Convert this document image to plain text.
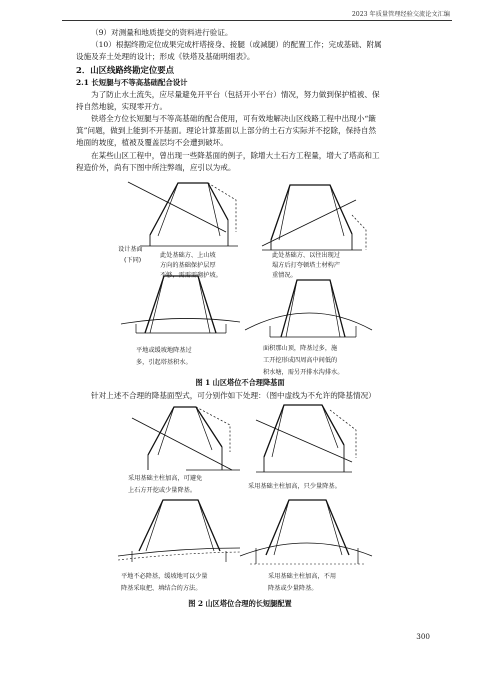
2023 年质量管理经验交流论文汇编
（9）对测量和地质提交的资料进行验证。
（10）根据终勘定位成果完成杆塔接身、接腿（或减腿）的配置工作；完成基础、附属
设施及弃土处理的设计；形成《铁塔及基础明细表》。
2．山区线路终勘定位要点
2.1 长短腿与不等高基础配合设计
为了防止水土流失，应尽量避免开平台（包括开小平台）情况，努力做到保护植被、保
持自然地貌，实现零开方。
铁塔全方位长短腿与不等高基础的配合使用，可有效地解决山区线路工程中出现小“簸
箕”问题，做到上能到不开基面。理论计算基面以上部分的土石方实际并不挖除，保持自然
地面的坡度，植被及覆盖层均不会遭到破坏。
在某些山区工程中，曾出现一些降基面的例子，除增大土石方工程量，增大了塔高和工
程造价外，尚有下图中所注弊端，应引以为戒。
设计基面
(下同)
此处基础方、上山坡
方向的基础保护层厚
不够，需需需砌护坡。
此处基础方、以往出现过
塌方后打夸顿塔土材构产
重情况。
平地或缓坡地降基过
多，引起塔基积水。
面积那山顶，降基过多，施
工开挖形成四周高中间低的
积水塘，需另开排水沟排水。
采用基础主柱加高，可避免
上石方开挖或少量降基。
采用基础主柱加高，只少量降基。
平地不必降基，缓坡地可以少量
降基采取把、填结合的方法。
采用基础主柱加高，不用
降基或少量降基。
图 1 山区塔位不合理降基面
针对上述不合理的降基面型式，可分别作如下处理：（图中虚线为不允许的降基情况）
图 2 山区塔位合理的长短腿配置
300
